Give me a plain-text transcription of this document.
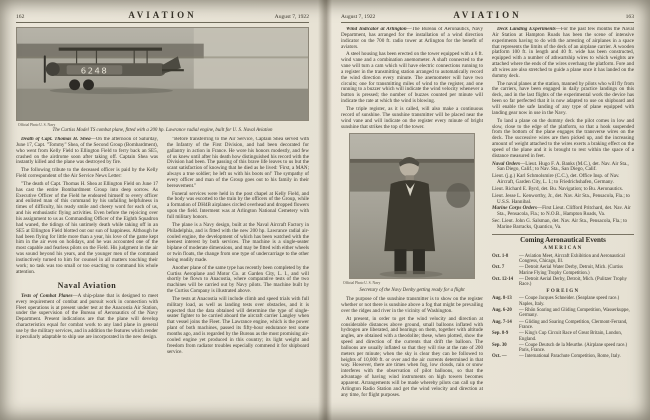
162	AVIATION	August 7, 1922
6248
Official Photo U. S. Navy
The Curtiss Model TS combat plane, fitted with a 200 hp. Lawrance radial engine, built for U. S. Naval Aviation

Death of Capt. Thomas H. Shea—On the afternoon of Saturday, June 17, Capt. "Tommy" Shea, of the Second Group (Bombardment), who went from Kelly Field to Ellington Field to ferry back an SE5, crashed on the airdrome soon after taking off. Captain Shea was instantly killed and the plane was destroyed by fire.

The following tribute to the deceased officer is paid by the Kelly Field correspondent of the Air Service News Letter:

"The death of Capt. Thomas H. Shea at Ellington Field on June 17 has cast the entire Bombardment Group into deep sorrow. As Executive Officer of the Field he endeared himself to every officer and enlisted man of this command by his unfailing helpfulness in times of difficulty, his ready smile and cheery word for each of us, and his enthusiastic flying activities. Even before the rejoicing over his assignment to us as Commanding Officer of the Eighth Squadron had waned, the tidings of his untimely death while taking off in an SE5 at Ellington Field blotted out our sun of happiness. Although he had been flying for little more than a year, his love of the game kept him in the air even on holidays, and he was accounted one of the most capable and fearless pilots on the Field. His judgment in the air was sound beyond his years, and the younger men of the command instinctively turned to him for counsel in all matters touching their work; no task was too small or too exacting to command his whole attention.

Naval Aviation

Tests of Combat Planes—A ship-plane that is designed to meet every requirement of combat and pursuit work in connection with Fleet operations is at present under test at the Anacostia Air Station, under the supervision of the Bureau of Aeronautics of the Navy Department. Present indications are that the plane will develop characteristics equal for combat work to any land plane in general use by the military services, and in addition the features which render it peculiarly adaptable to ship use are incorporated in the new design.

"Before transferring to the Air Service, Captain Shea served with the Infantry of the First Division, and had been decorated for gallantry in action in France. He wore his honors modestly, and few of us knew until after his death how distinguished his record with the Division had been. The passing of this brave life leaves to us but the scant satisfaction of knowing that he died as he lived: 'First, a MAN; always a true soldier; he left us with his boots on!' The sympathy of every officer and man of the Group goes out to his family in their bereavement."

Funeral services were held in the post chapel at Kelly Field, and the body was escorted to the train by the officers of the Group, while a formation of DH4B airplanes circled overhead and dropped flowers upon the field. Interment was at Arlington National Cemetery with full military honors.

The plane is a Navy design, built at the Naval Aircraft Factory in Philadelphia, and is fitted with the new 200 hp. Lawrance radial air-cooled engine, the development of which has been watched with the keenest interest by both services. The machine is a single-seater biplane of moderate dimensions, and may be fitted with either wheels or twin floats, the change from one type of undercarriage to the other being readily made.

Another plane of the same type has recently been completed by the Curtiss Aeroplane and Motor Co. at Garden City, L. I., and will shortly be flown to Anacostia, where comparative tests of the two machines will be carried out by Navy pilots. The machine built by the Curtiss Company is illustrated above.

The tests at Anacostia will include climb and speed trials with full military load, as well as landing tests over obstacles, and it is expected that the data obtained will determine the type of single-seater fighter to be carried aboard the aircraft carrier Langley when that vessel joins the Fleet. The Lawrance engine, which is the power plant of both machines, passed its fifty-hour endurance test some months ago, and is regarded by the Bureau as the most promising air-cooled engine yet produced in this country; its light weight and freedom from radiator troubles especially commend it for shipboard service.

August 7, 1922	AVIATION	163

Wind Indicator at Arlington—The Bureau of Aeronautics, Navy Department, has arranged for the installation of a wind direction indicator on the 700 ft. radio tower at Arlington for the benefit of aviators.

A steel housing has been erected on the tower equipped with a 6 ft. wind vane and a combination anemometer. A shaft connected to the vane will turn a cam which will have electric connections running to a register in the transmitting station arranged to automatically record the wind direction every minute. The anemometer will have two circuits; one for transmitting miles of wind to the register, and one running to a buzzer which will indicate the wind velocity whenever a button is pressed; the number of buzzes counted per minute will indicate the rate at which the wind is blowing.

The triple register, as it is called, will also make a continuous record of sunshine. The sunshine transmitter will be placed near the wind vane and will indicate on the register every minute of bright sunshine that strikes the top of the tower.

Official Photo U. S. Navy
Secretary of the Navy Denby getting ready for a flight

The purpose of the sunshine transmitter is to show on the register whether or not there is sunshine above a fog that might be prevailing over the ridges and river in the vicinity of Washington.

At present, in order to get the wind velocity and direction at considerable distances above ground, small balloons inflated with hydrogen are liberated, and bearings on them, together with altitude angles, are obtained with a theodolite; these, when plotted, show the speed and direction of the currents that drift the balloon. The balloons are usually inflated so that they will rise at the rate of 200 meters per minute; when the sky is clear they can be followed to heights of 10,000 ft. or over and the air currents determined in that way. However, there are times when fog, low clouds, rain or snow interferes with the observation of pilot balloons, so that the advantage of having wind instruments on high towers becomes apparent. Arrangements will be made whereby pilots can call up the Arlington Radio Station and get the wind velocity and direction at any time, for flight purposes.

Deck Landing Experiments—For the past few months the Naval Air Station at Hampton Roads has been the scene of intensive experiments having to do with the arresting of airplanes in a space that represents the limits of the deck of an airplane carrier. A wooden platform 100 ft. in length and 40 ft. wide has been constructed, equipped with a number of athwartship wires to which weights are attached where the ends of the wires overhang the platform. Fore and aft wires are also stretched to guide a plane once it has landed on the dummy deck.

The naval planes at the station, manned by pilots who will fly from the carriers, have been engaged in daily practice landings on this deck, and in the last flights of the experimental work the device has been so far perfected that it is now adapted to use on shipboard and will enable the safe landing of any type of plane equipped with landing gear now in use in the Navy.

To land a plane on the dummy deck the pilot comes in low and slow, close to the edge of the platform, so that a hook suspended from the bottom of the plane engages the transverse wires on the deck. The successive wires are then picked up, and the increasing amount of weight attached to the wires exerts a braking effect on the speed of the plane and it is brought to rest within the space of a distance measured in feet.

Naval Orders—Lieut. Hugo F. A. Banks (M.C.), det. Nav. Air Sta., San Diego, Calif.; to Nav. Sta., San Diego, Calif.

Lieut. (j.g.) Karl Schmolsmire (C.C.), det. Office Insp. of Nav. Aircraft, Garden City, L. I.; to Friedrichshafen, Germany.

Lieut. Richard E. Byrd, det. Bu. Navigation; to Bu. Aeronautics.

Lieut. Jesse L. Kenworthy, Jr., det. Nav. Air Sta., Pensacola, Fla.; to U.S.S. Hannibal.

Marine Corps Orders—First Lieut. Clifford Pritchard, det. Nav. Air Sta., Pensacola, Fla.; to N.O.B., Hampton Roads, Va.

Sec. Lieut. John G. Salsman, det. Nav. Air Sta., Pensacola, Fla.; to Marine Barracks, Quantico, Va.

Coming Aeronautical Events
AMERICAN
Oct. 1-8	— Aviation Meet, Aircraft Exhibition and Aeronautical Congress, Chicago, Ill.
Oct. 7	— Detroit Aerial Water Derby, Detroit, Mich. (Curtiss Marine Flying Trophy Competition.)
Oct. 12-14	— Detroit Aerial Derby, Detroit, Mich. (Pulitzer Trophy Race.)
FOREIGN
Aug. 8-13	— Coupe Jacques Schneider. (Seaplane speed race.) Naples, Italy.
Aug. 6-20	— Rhön Soaring and Gliding Competition, Wasserkuppe, Germany.
Aug. 7-14	— Gliding and Soaring Competition, Clermont-Ferrand, France.
Sep. 8-9	— King's Cup Circuit Race of Great Britain, London, England.
Sep. 30	— Coupe Deutsch de la Meurthe. (Airplane speed race.) Paris, France.
Oct. —	— International Parachute Competition, Rome, Italy.
